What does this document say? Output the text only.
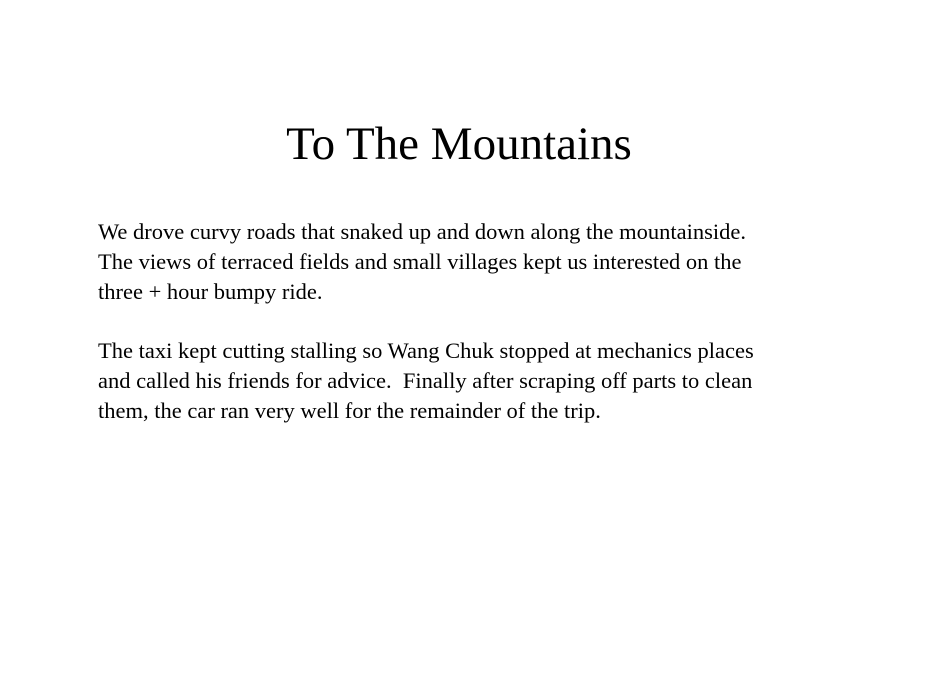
To The Mountains

We drove curvy roads that snaked up and down along the mountainside.
The views of terraced fields and small villages kept us interested on the
three + hour bumpy ride.

The taxi kept cutting stalling so Wang Chuk stopped at mechanics places
and called his friends for advice.  Finally after scraping off parts to clean
them, the car ran very well for the remainder of the trip.
